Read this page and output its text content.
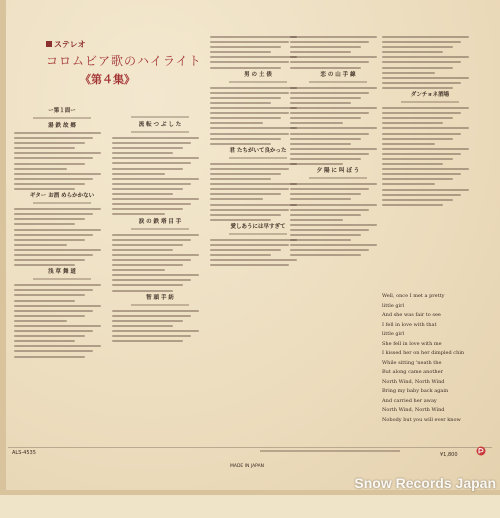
ステレオ
コロムビア歌のハイライト
《第４集》
ー第１面ー
湯 鉄 故 郷
ギター お酒 めらかかない
浅 草 舞 道
流 転 つ ぶ し た
涙 の 鉄 塔 目 手
智 頭 手 紡
男 の 土 俵
君 たちがいて良かった
愛しあうには早すぎて
恋 の 山 手 線
夕 陽 に 叫 ぼ う
ダンチョネ酒場
Well, once I met a pretty
little girl
And she was fair to see
I fell in love with that
little girl
She fell in love with me
I kissed her on her dimpled chin
While sitting 'neath the
But along came another
North Wind, North Wind
Bring my baby back again
And carried her away
North Wind, North Wind
Nobody but you will ever know
ALS-4535
MADE IN JAPAN
¥1,800
Snow Records Japan
